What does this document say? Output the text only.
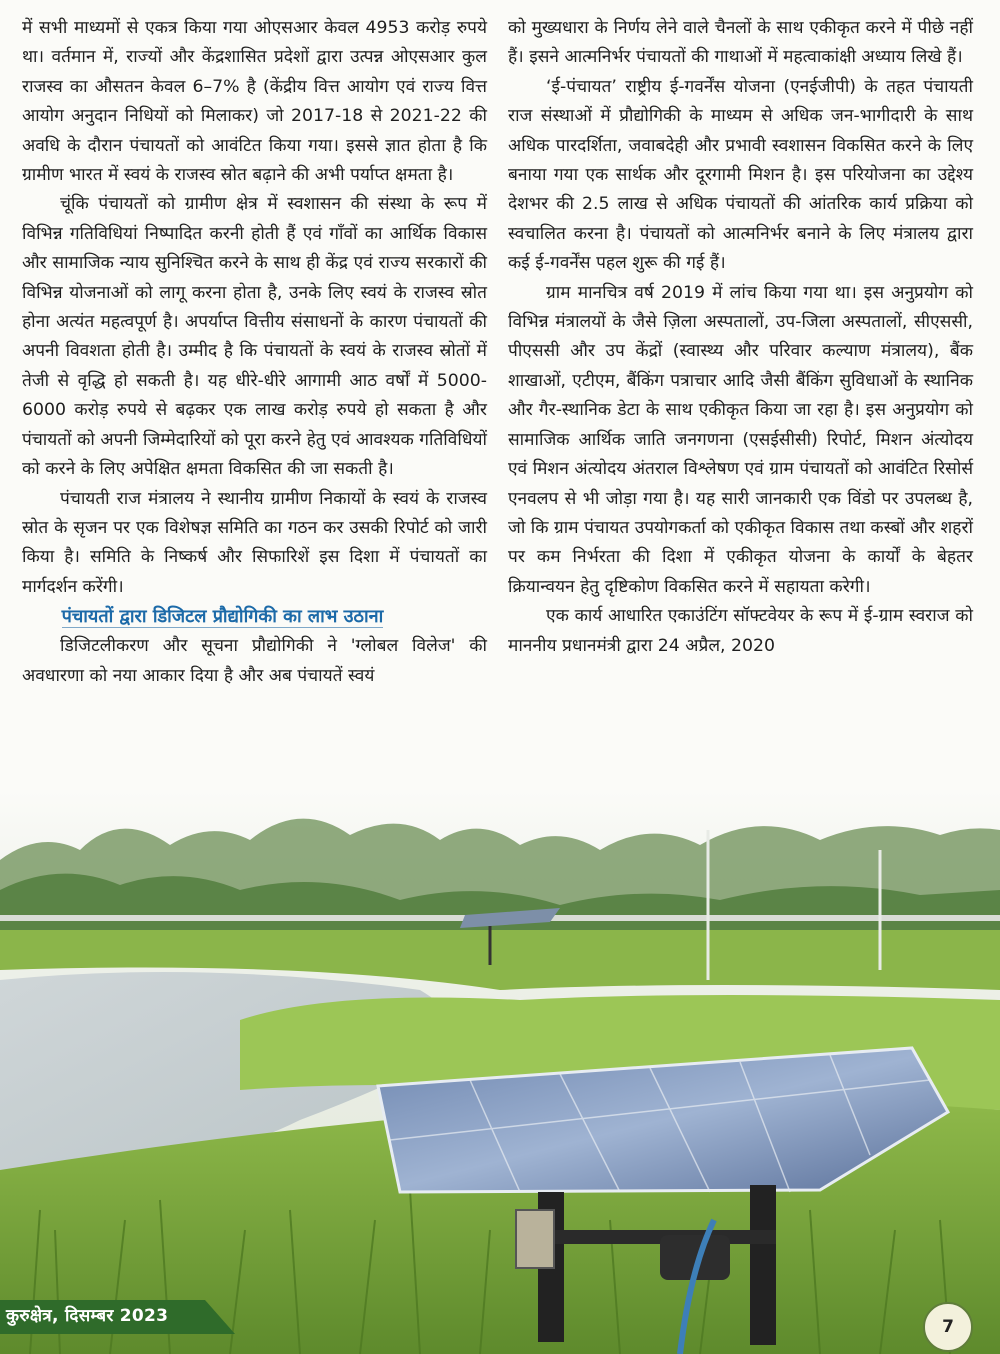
में सभी माध्यमों से एकत्र किया गया ओएसआर केवल 4953 करोड़ रुपये था। वर्तमान में, राज्यों और केंद्रशासित प्रदेशों द्वारा उत्पन्न ओएसआर कुल राजस्व का औसतन केवल 6–7% है (केंद्रीय वित्त आयोग एवं राज्य वित्त आयोग अनुदान निधियों को मिलाकर) जो 2017-18 से 2021-22 की अवधि के दौरान पंचायतों को आवंटित किया गया। इससे ज्ञात होता है कि ग्रामीण भारत में स्वयं के राजस्व स्रोत बढ़ाने की अभी पर्याप्त क्षमता है।

चूंकि पंचायतों को ग्रामीण क्षेत्र में स्वशासन की संस्था के रूप में विभिन्न गतिविधियां निष्पादित करनी होती हैं एवं गाँवों का आर्थिक विकास और सामाजिक न्याय सुनिश्चित करने के साथ ही केंद्र एवं राज्य सरकारों की विभिन्न योजनाओं को लागू करना होता है, उनके लिए स्वयं के राजस्व स्रोत होना अत्यंत महत्वपूर्ण है। अपर्याप्त वित्तीय संसाधनों के कारण पंचायतों की अपनी विवशता होती है। उम्मीद है कि पंचायतों के स्वयं के राजस्व स्रोतों में तेजी से वृद्धि हो सकती है। यह धीरे-धीरे आगामी आठ वर्षों में 5000-6000 करोड़ रुपये से बढ़कर एक लाख करोड़ रुपये हो सकता है और पंचायतों को अपनी जिम्मेदारियों को पूरा करने हेतु एवं आवश्यक गतिविधियों को करने के लिए अपेक्षित क्षमता विकसित की जा सकती है।

पंचायती राज मंत्रालय ने स्थानीय ग्रामीण निकायों के स्वयं के राजस्व स्रोत के सृजन पर एक विशेषज्ञ समिति का गठन कर उसकी रिपोर्ट को जारी किया है। समिति के निष्कर्ष और सिफारिशें इस दिशा में पंचायतों का मार्गदर्शन करेंगी।

पंचायतों द्वारा डिजिटल प्रौद्योगिकी का लाभ उठाना

डिजिटलीकरण और सूचना प्रौद्योगिकी ने 'ग्लोबल विलेज' की अवधारणा को नया आकार दिया है और अब पंचायतें स्वयं

को मुख्यधारा के निर्णय लेने वाले चैनलों के साथ एकीकृत करने में पीछे नहीं हैं। इसने आत्मनिर्भर पंचायतों की गाथाओं में महत्वाकांक्षी अध्याय लिखे हैं।

‘ई-पंचायत’ राष्ट्रीय ई-गवर्नेंस योजना (एनईजीपी) के तहत पंचायती राज संस्थाओं में प्रौद्योगिकी के माध्यम से अधिक जन-भागीदारी के साथ अधिक पारदर्शिता, जवाबदेही और प्रभावी स्वशासन विकसित करने के लिए बनाया गया एक सार्थक और दूरगामी मिशन है। इस परियोजना का उद्देश्य देशभर की 2.5 लाख से अधिक पंचायतों की आंतरिक कार्य प्रक्रिया को स्वचालित करना है। पंचायतों को आत्मनिर्भर बनाने के लिए मंत्रालय द्वारा कई ई-गवर्नेंस पहल शुरू की गई हैं।

ग्राम मानचित्र वर्ष 2019 में लांच किया गया था। इस अनुप्रयोग को विभिन्न मंत्रालयों के जैसे ज़िला अस्पतालों, उप-जिला अस्पतालों, सीएससी, पीएससी और उप केंद्रों (स्वास्थ्य और परिवार कल्याण मंत्रालय), बैंक शाखाओं, एटीएम, बैंकिंग पत्राचार आदि जैसी बैंकिंग सुविधाओं के स्थानिक और गैर-स्थानिक डेटा के साथ एकीकृत किया जा रहा है। इस अनुप्रयोग को सामाजिक आर्थिक जाति जनगणना (एसईसीसी) रिपोर्ट, मिशन अंत्योदय एवं मिशन अंत्योदय अंतराल विश्लेषण एवं ग्राम पंचायतों को आवंटित रिसोर्स एनवलप से भी जोड़ा गया है। यह सारी जानकारी एक विंडो पर उपलब्ध है, जो कि ग्राम पंचायत उपयोगकर्ता को एकीकृत विकास तथा कस्बों और शहरों पर कम निर्भरता की दिशा में एकीकृत योजना के कार्यों के बेहतर क्रियान्वयन हेतु दृष्टिकोण विकसित करने में सहायता करेगी।

एक कार्य आधारित एकाउंटिंग सॉफ्टवेयर के रूप में ई-ग्राम स्वराज को माननीय प्रधानमंत्री द्वारा 24 अप्रैल, 2020

कुरुक्षेत्र, दिसम्बर 2023
7
